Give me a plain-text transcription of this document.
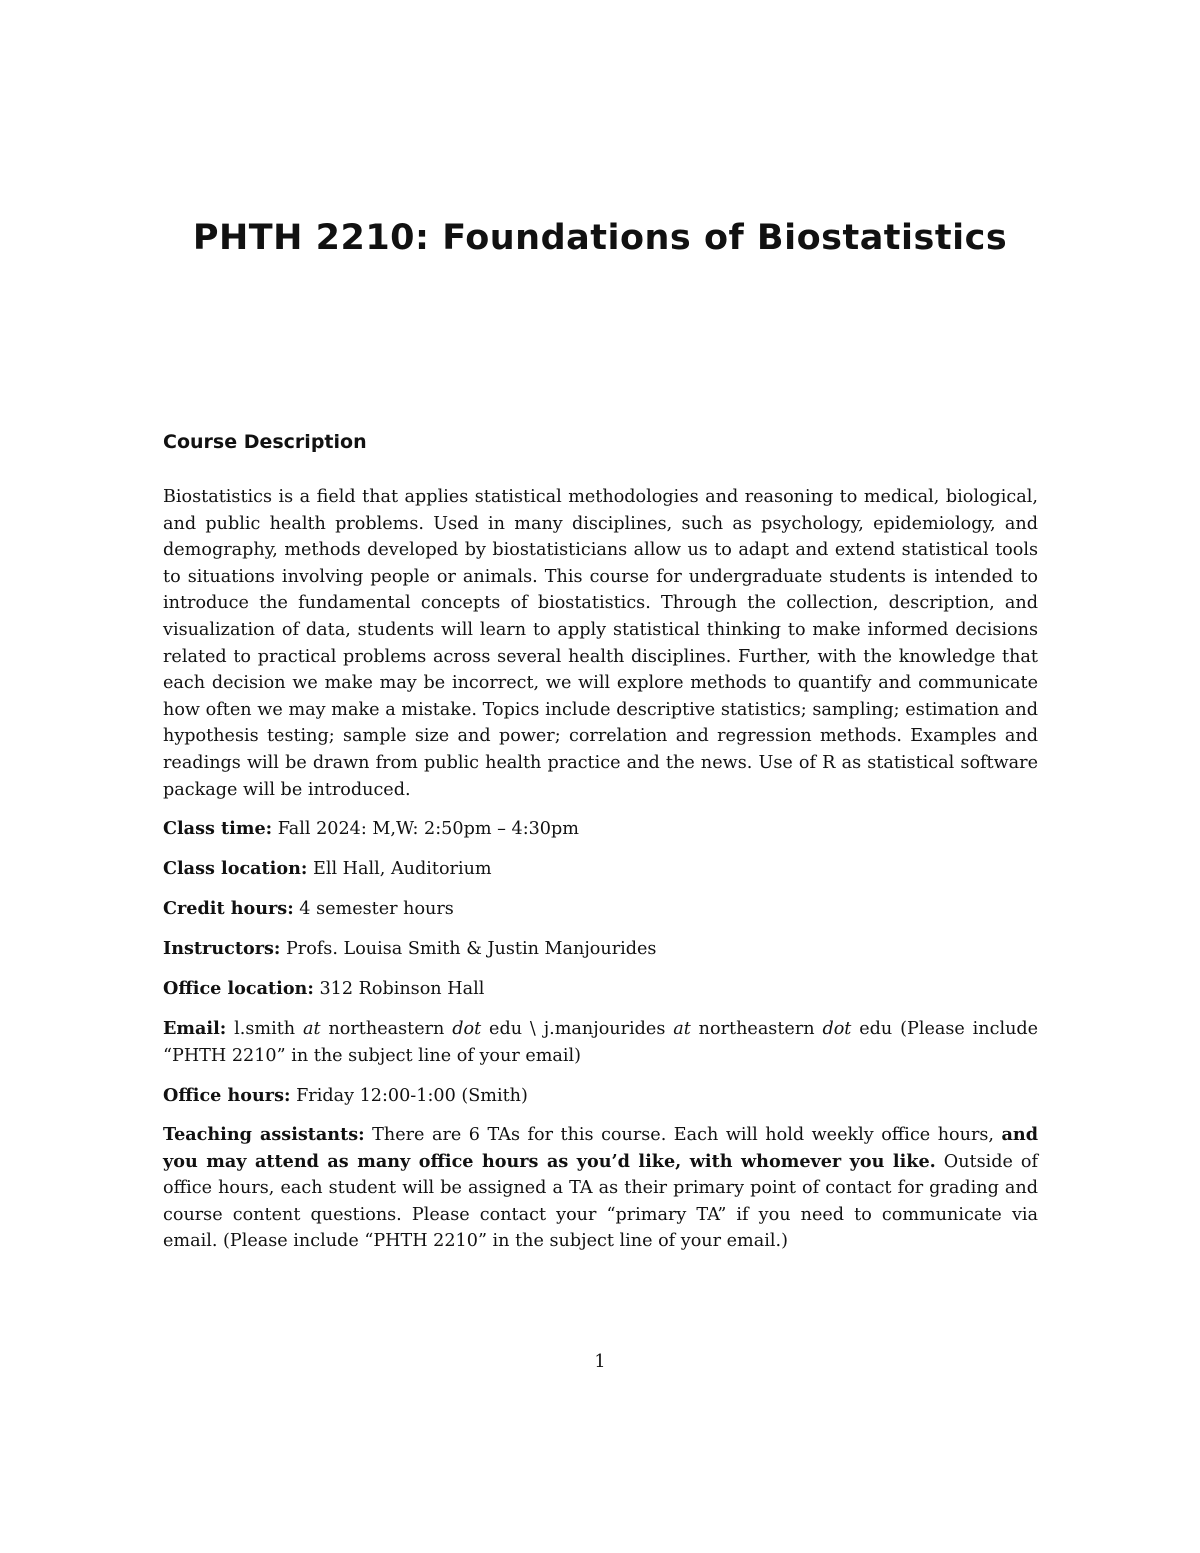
PHTH 2210: Foundations of Biostatistics
Course Description

Biostatistics is a field that applies statistical methodologies and reasoning to medical, biological, and public health problems. Used in many disciplines, such as psychology, epidemiology, and demography, methods developed by biostatisticians allow us to adapt and extend statistical tools to situations involving people or animals. This course for undergraduate students is intended to introduce the fundamental concepts of biostatistics. Through the collection, description, and visualization of data, students will learn to apply statistical thinking to make informed decisions related to practical problems across several health disciplines. Further, with the knowledge that each decision we make may be incorrect, we will explore methods to quantify and communicate how often we may make a mistake. Topics include descriptive statistics; sampling; estimation and hypothesis testing; sample size and power; correlation and regression methods. Examples and readings will be drawn from public health practice and the news. Use of R as statistical software package will be introduced.

Class time: Fall 2024: M,W: 2:50pm – 4:30pm

Class location: Ell Hall, Auditorium

Credit hours: 4 semester hours

Instructors: Profs. Louisa Smith & Justin Manjourides

Office location: 312 Robinson Hall

Email: l.smith at northeastern dot edu \ j.manjourides at northeastern dot edu (Please include “PHTH 2210” in the subject line of your email)

Office hours: Friday 12:00-1:00 (Smith)

Teaching assistants: There are 6 TAs for this course. Each will hold weekly office hours, and you may attend as many office hours as you’d like, with whomever you like. Outside of office hours, each student will be assigned a TA as their primary point of contact for grading and course content questions. Please contact your “primary TA” if you need to communicate via email. (Please include “PHTH 2210” in the subject line of your email.)

1
